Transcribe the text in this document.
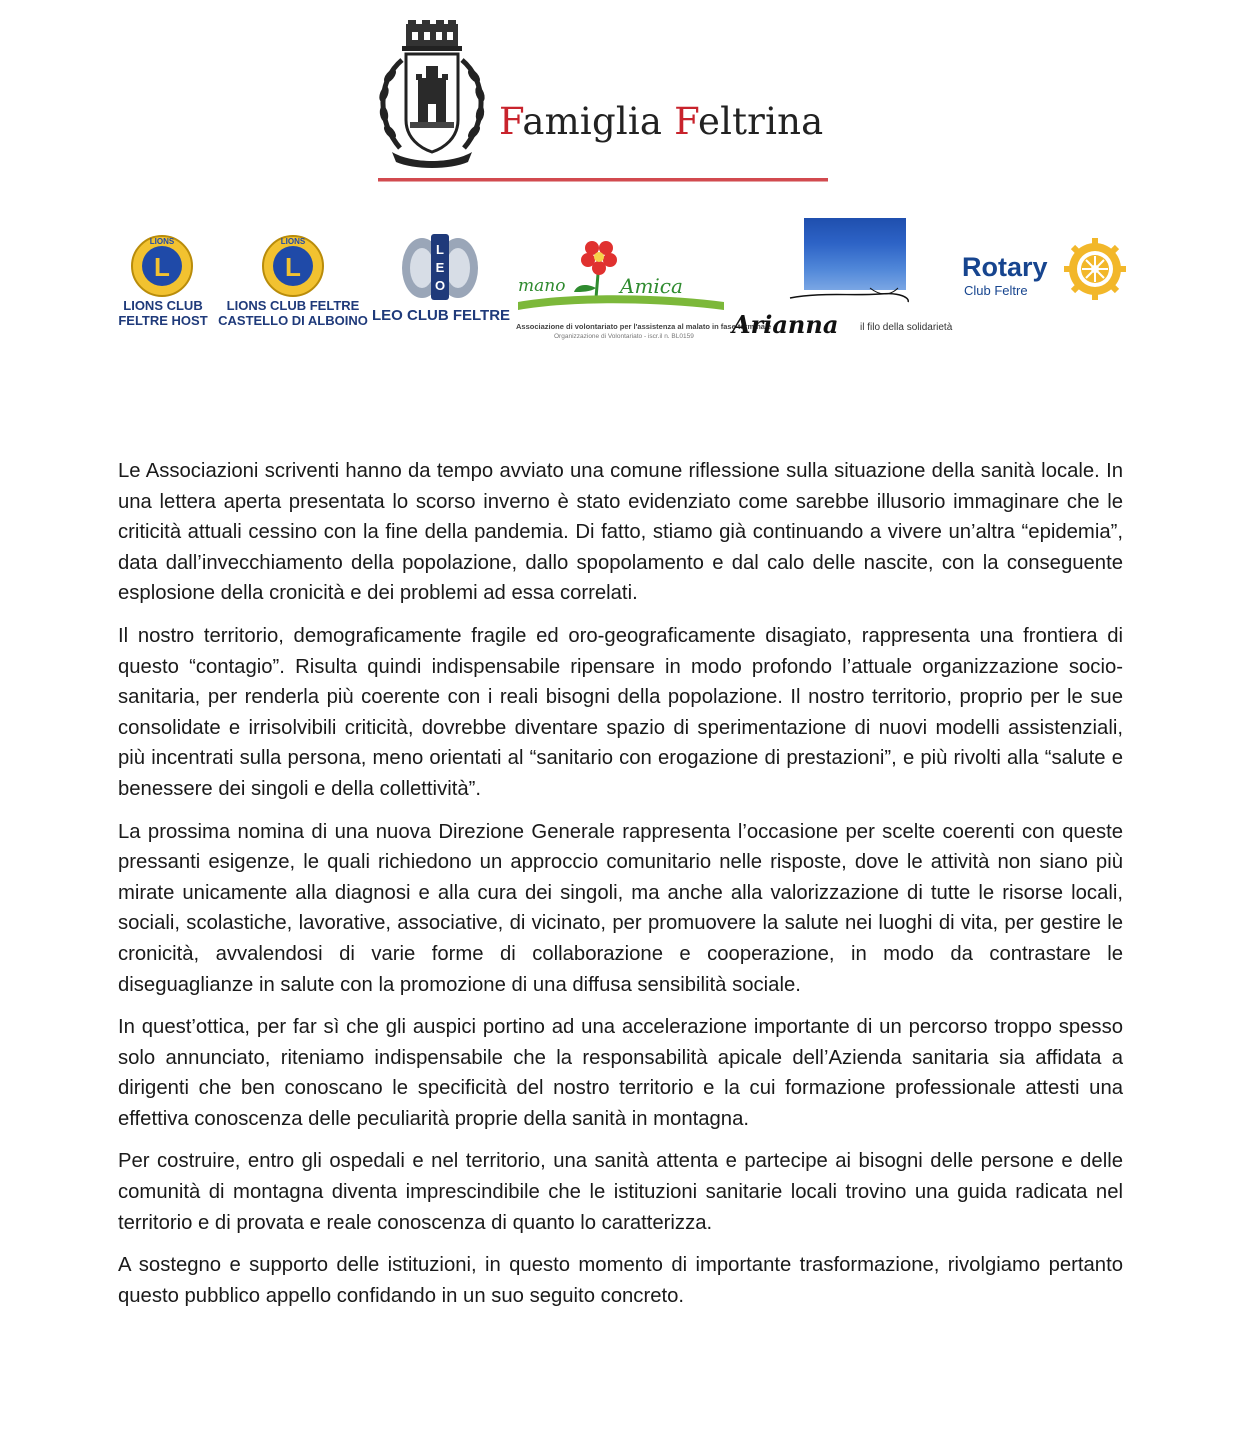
Famiglia Feltrina
L
LIONS
LIONS CLUB
FELTRE HOST
L
LIONS
LIONS CLUB FELTRE
CASTELLO DI ALBOINO
L
E
O
LEO CLUB FELTRE
mano	Amica
Associazione di volontariato per l'assistenza al malato in fase terminale
Organizzazione di Volontariato - iscr.il n. BL0159 Arianna il filo della solidarietà
Rotary
Club Feltre

Le Associazioni scriventi hanno da tempo avviato una comune riflessione sulla situazione della sanità locale. In una lettera aperta presentata lo scorso inverno è stato evidenziato come sarebbe illusorio immaginare che le criticità attuali cessino con la fine della pandemia. Di fatto, stiamo già continuando a vivere un’altra “epidemia”, data dall’invecchiamento della popolazione, dallo spopolamento e dal calo delle nascite, con la conseguente esplosione della cronicità e dei problemi ad essa correlati.

Il nostro territorio, demograficamente fragile ed oro-geograficamente disagiato, rappresenta una frontiera di questo “contagio”. Risulta quindi indispensabile ripensare in modo profondo l’attuale organizzazione socio-sanitaria, per renderla più coerente con i reali bisogni della popolazione. Il nostro territorio, proprio per le sue consolidate e irrisolvibili criticità, dovrebbe diventare spazio di sperimentazione di nuovi modelli assistenziali, più incentrati sulla persona, meno orientati al “sanitario con erogazione di prestazioni”, e più rivolti alla “salute e benessere dei singoli e della collettività”.

La prossima nomina di una nuova Direzione Generale rappresenta l’occasione per scelte coerenti con queste pressanti esigenze, le quali richiedono un approccio comunitario nelle risposte, dove le attività non siano più mirate unicamente alla diagnosi e alla cura dei singoli, ma anche alla valorizzazione di tutte le risorse locali, sociali, scolastiche, lavorative, associative, di vicinato, per promuovere la salute nei luoghi di vita, per gestire le cronicità, avvalendosi di varie forme di collaborazione e cooperazione, in modo da contrastare le diseguaglianze in salute con la promozione di una diffusa sensibilità sociale.

In quest’ottica, per far sì che gli auspici portino ad una accelerazione importante di un percorso troppo spesso solo annunciato, riteniamo indispensabile che la responsabilità apicale dell’Azienda sanitaria sia affidata a dirigenti che ben conoscano le specificità del nostro territorio e la cui formazione professionale attesti una effettiva conoscenza delle peculiarità proprie della sanità in montagna.

Per costruire, entro gli ospedali e nel territorio, una sanità attenta e partecipe ai bisogni delle persone e delle comunità di montagna diventa imprescindibile che le istituzioni sanitarie locali trovino una guida radicata nel territorio e di provata e reale conoscenza di quanto lo caratterizza.

A sostegno e supporto delle istituzioni, in questo momento di importante trasformazione, rivolgiamo pertanto questo pubblico appello confidando in un suo seguito concreto.
